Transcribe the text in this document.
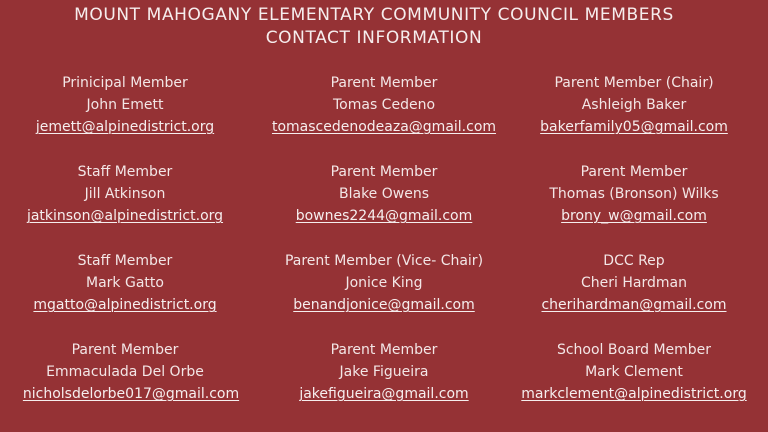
MOUNT MAHOGANY ELEMENTARY COMMUNITY COUNCIL MEMBERS
CONTACT INFORMATION
Prinicipal Member
John Emett
jemett@alpinedistrict.org
Parent Member
Tomas Cedeno
tomascedenodeaza@gmail.com
Parent Member (Chair)
Ashleigh Baker
bakerfamily05@gmail.com
Staff Member
Jill Atkinson
jatkinson@alpinedistrict.org
Parent Member
Blake Owens
bownes2244@gmail.com
Parent Member
Thomas (Bronson) Wilks
brony_w@gmail.com
Staff Member
Mark Gatto
mgatto@alpinedistrict.org
Parent Member (Vice- Chair)
Jonice King
benandjonice@gmail.com
DCC Rep
Cheri Hardman
cherihardman@gmail.com
Parent Member
Emmaculada Del Orbe
nicholsdelorbe017@gmail.com
Parent Member
Jake Figueira
jakefigueira@gmail.com
School Board Member
Mark Clement
markclement@alpinedistrict.org
